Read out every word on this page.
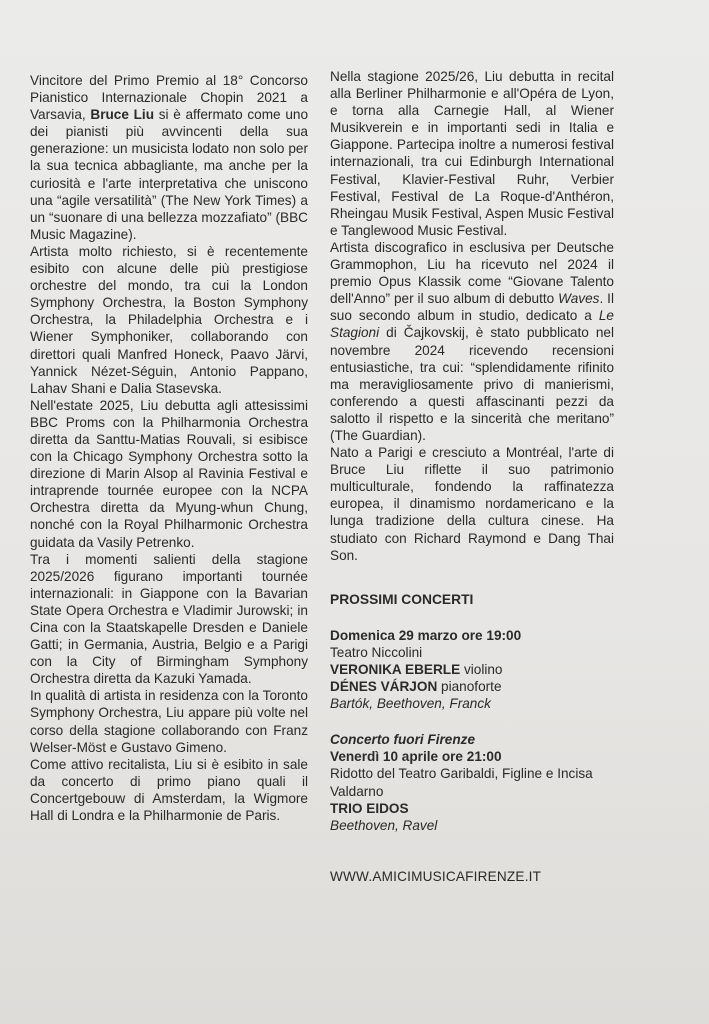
Vincitore del Primo Premio al 18° Concorso Pianistico Internazionale Chopin 2021 a Varsavia, Bruce Liu si è affermato come uno dei pianisti più avvincenti della sua generazione: un musicista lodato non solo per la sua tecnica abbagliante, ma anche per la curiosità e l'arte interpretativa che uniscono una “agile versatilità” (The New York Times) a un “suonare di una bellezza mozzafiato” (BBC Music Magazine).

Artista molto richiesto, si è recentemente esibito con alcune delle più prestigiose orchestre del mondo, tra cui la London Symphony Orchestra, la Boston Symphony Orchestra, la Philadelphia Orchestra e i Wiener Symphoniker, collaborando con direttori quali Manfred Honeck, Paavo Järvi, Yannick Nézet-Séguin, Antonio Pappano, Lahav Shani e Dalia Stasevska.

Nell'estate 2025, Liu debutta agli attesissimi BBC Proms con la Philharmonia Orchestra diretta da Santtu-Matias Rouvali, si esibisce con la Chicago Symphony Orchestra sotto la direzione di Marin Alsop al Ravinia Festival e intraprende tournée europee con la NCPA Orchestra diretta da Myung-whun Chung, nonché con la Royal Philharmonic Orchestra guidata da Vasily Petrenko.

Tra i momenti salienti della stagione 2025/2026 figurano importanti tournée internazionali: in Giappone con la Bavarian State Opera Orchestra e Vladimir Jurowski; in Cina con la Staatskapelle Dresden e Daniele Gatti; in Germania, Austria, Belgio e a Parigi con la City of Birmingham Symphony Orchestra diretta da Kazuki Yamada.

In qualità di artista in residenza con la Toronto Symphony Orchestra, Liu appare più volte nel corso della stagione collaborando con Franz Welser-Möst e Gustavo Gimeno.

Come attivo recitalista, Liu si è esibito in sale da concerto di primo piano quali il Concertgebouw di Amsterdam, la Wigmore Hall di Londra e la Philharmonie de Paris.

Nella stagione 2025/26, Liu debutta in recital alla Berliner Philharmonie e all'Opéra de Lyon, e torna alla Carnegie Hall, al Wiener Musikverein e in importanti sedi in Italia e Giappone. Partecipa inoltre a numerosi festival internazionali, tra cui Edinburgh International Festival, Klavier-Festival Ruhr, Verbier Festival, Festival de La Roque-d'Anthéron, Rheingau Musik Festival, Aspen Music Festival e Tanglewood Music Festival.

Artista discografico in esclusiva per Deutsche Grammophon, Liu ha ricevuto nel 2024 il premio Opus Klassik come “Giovane Talento dell'Anno” per il suo album di debutto Waves. Il suo secondo album in studio, dedicato a Le Stagioni di Čajkovskij, è stato pubblicato nel novembre 2024 ricevendo recensioni entusiastiche, tra cui: “splendidamente rifinito ma meravigliosamente privo di manierismi, conferendo a questi affascinanti pezzi da salotto il rispetto e la sincerità che meritano” (The Guardian).

Nato a Parigi e cresciuto a Montréal, l'arte di Bruce Liu riflette il suo patrimonio multiculturale, fondendo la raffinatezza europea, il dinamismo nordamericano e la lunga tradizione della cultura cinese. Ha studiato con Richard Raymond e Dang Thai Son.

PROSSIMI CONCERTI
Domenica 29 marzo ore 19:00
Teatro Niccolini
VERONIKA EBERLE violino
DÉNES VÁRJON pianoforte
Bartók, Beethoven, Franck
Concerto fuori Firenze
Venerdì 10 aprile ore 21:00
Ridotto del Teatro Garibaldi, Figline e Incisa Valdarno
TRIO EIDOS
Beethoven, Ravel
WWW.AMICIMUSICAFIRENZE.IT
